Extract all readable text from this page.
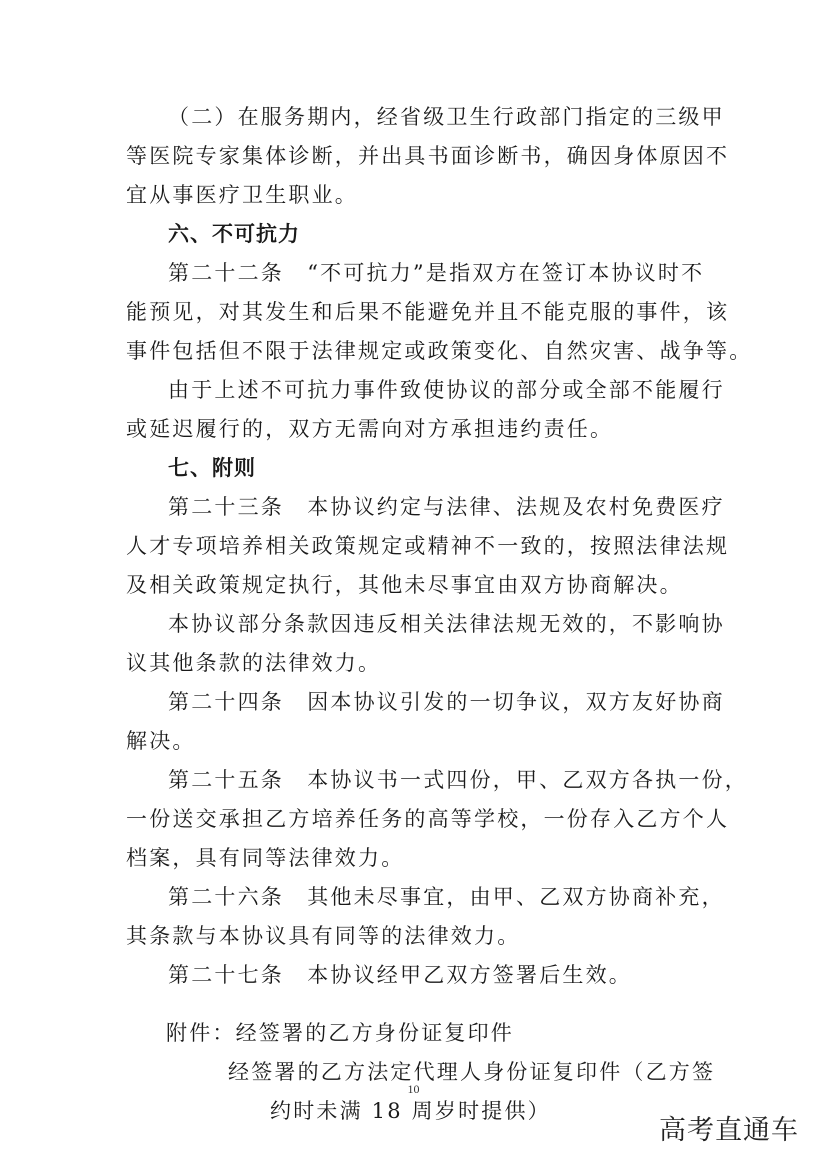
（二）在服务期内，经省级卫生行政部门指定的三级甲
等医院专家集体诊断，并出具书面诊断书，确因身体原因不
宜从事医疗卫生职业。
六、不可抗力
第二十二条　“不可抗力”是指双方在签订本协议时不
能预见，对其发生和后果不能避免并且不能克服的事件，该
事件包括但不限于法律规定或政策变化、自然灾害、战争等。
由于上述不可抗力事件致使协议的部分或全部不能履行
或延迟履行的，双方无需向对方承担违约责任。
七、附则
第二十三条　本协议约定与法律、法规及农村免费医疗
人才专项培养相关政策规定或精神不一致的，按照法律法规
及相关政策规定执行，其他未尽事宜由双方协商解决。
本协议部分条款因违反相关法律法规无效的，不影响协
议其他条款的法律效力。
第二十四条　因本协议引发的一切争议，双方友好协商
解决。
第二十五条　本协议书一式四份，甲、乙双方各执一份，
一份送交承担乙方培养任务的高等学校，一份存入乙方个人
档案，具有同等法律效力。
第二十六条　其他未尽事宜，由甲、乙双方协商补充，
其条款与本协议具有同等的法律效力。
第二十七条　本协议经甲乙双方签署后生效。
附件：经签署的乙方身份证复印件
经签署的乙方法定代理人身份证复印件（乙方签
约时未满 18 周岁时提供）
10
高考直通车
